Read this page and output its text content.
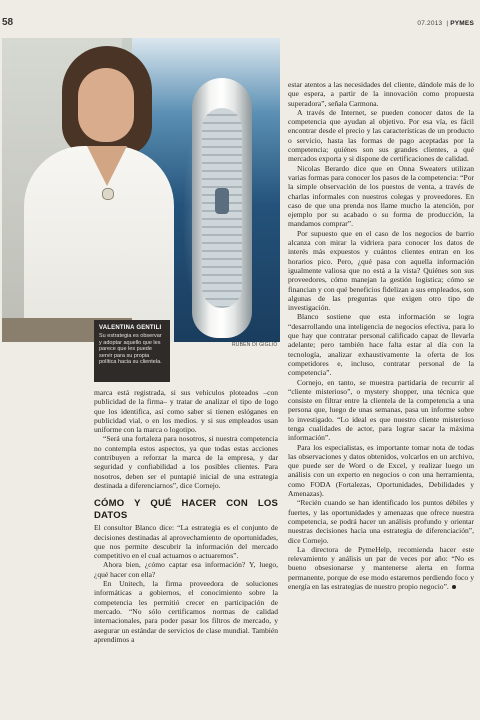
58	07.2013  | PYMES
VALENTINA GENTILI
Su estrategia es observar y adoptar aquello que les parece que les puede servir para su propia política hacia su clientela.
RUBEN DI GIGLIO

marca está registrada, si sus vehículos ploteados –con publicidad de la firma– y tratar de analizar el tipo de logo que los identifica, así como saber si tienen eslóganes en publicidad vial, o en los medios. y si sus empleados usan uniforme con la marca o logotipo.

“Será una fortaleza para nosotros, si nuestra competencia no contempla estos aspectos, ya que todas estas acciones contribuyen a reforzar la marca de la empresa, y dar seguridad y confiabilidad a los posibles clientes. Para nosotros, deben ser el puntapié inicial de una estrategia destinada a diferenciarnos”, dice Cornejo.

CÓMO Y QUÉ HACER CON LOS DATOS

El consultor Blanco dice: “La estrategia es el conjunto de decisiones destinadas al aprovechamiento de oportunidades, que nos permite descubrir la información del mercado competitivo en el cual actuamos o actuaremos”.

Ahora bien, ¿cómo captar esa información? Y, luego, ¿qué hacer con ella?

En Unitech, la firma proveedora de soluciones informáticas a gobiernos, el conocimiento sobre la competencia les permitió crecer en participación de mercado. “No sólo certificamos normas de calidad internacionales, para poder pasar los filtros de mercado, y asegurar un estándar de servicios de clase mundial. También aprendimos a

estar atentos a las necesidades del cliente, dándole más de lo que espera, a partir de la innovación como propuesta superadora”, señala Carmona.

A través de Internet, se pueden conocer datos de la competencia que ayudan al objetivo. Por esa vía, es fácil encontrar desde el precio y las características de un producto o servicio, hasta las formas de pago aceptadas por la competencia; quiénes son sus grandes clientes, a qué mercados exporta y si dispone de certificaciones de calidad.

Nicolas Berardo dice que en Onna Sweaters utilizan varias formas para conocer los pasos de la competencia: “Por la simple observación de los puestos de venta, a través de charlas informales con nuestros colegas y proveedores. En caso de que una prenda nos llame mucho la atención, por ejemplo por su acabado o su forma de producción, la mandamos comprar”.

Por supuesto que en el caso de los negocios de barrio alcanza con mirar la vidriera para conocer los datos de interés más expuestos y cuántos clientes entran en los horarios pico. Pero, ¿qué pasa con aquella información igualmente valiosa que no está a la vista? Quiénes son sus proveedores, cómo manejan la gestión logística; cómo se financian y con qué beneficios fidelizan a sus empleados, son algunas de las preguntas que exigen otro tipo de investigación.

Blanco sostiene que esta información se logra “desarrollando una inteligencia de negocios efectiva, para lo que hay que contratar personal calificado capaz de llevarla adelante; pero también hace falta estar al día con la tecnología, analizar exhaustivamente la oferta de los competidores e, incluso, contratar personal de la competencia”.

Cornejo, en tanto, se muestra partidaria de recurrir al “cliente misterioso”, o mystery shopper, una técnica que consiste en filtrar entre la clientela de la competencia a una persona que, luego de unas semanas, pasa un informe sobre lo investigado. “Lo ideal es que nuestro cliente misterioso tenga cualidades de actor, para lograr sacar la máxima información”.

Para los especialistas, es importante tomar nota de todas las observaciones y datos obtenidos, volcarlos en un archivo, que puede ser de Word o de Excel, y realizar luego un análisis con un experto en negocios o con una herramienta, como FODA (Fortalezas, Oportunidades, Debilidades y Amenazas).

“Recién cuando se han identificado los puntos débiles y fuertes, y las oportunidades y amenazas que ofrece nuestra competencia, se podrá hacer un análisis profundo y orientar nuestras decisiones hacia una estrategia de diferenciación”, dice Cornejo.

La directora de PymeHelp, recomienda hacer este relevamiento y análisis un par de veces por año: “No es bueno obsesionarse y mantenerse alerta en forma permanente, porque de ese modo estaremos perdiendo foco y energía en las estrategias de nuestro propio negocio”.
